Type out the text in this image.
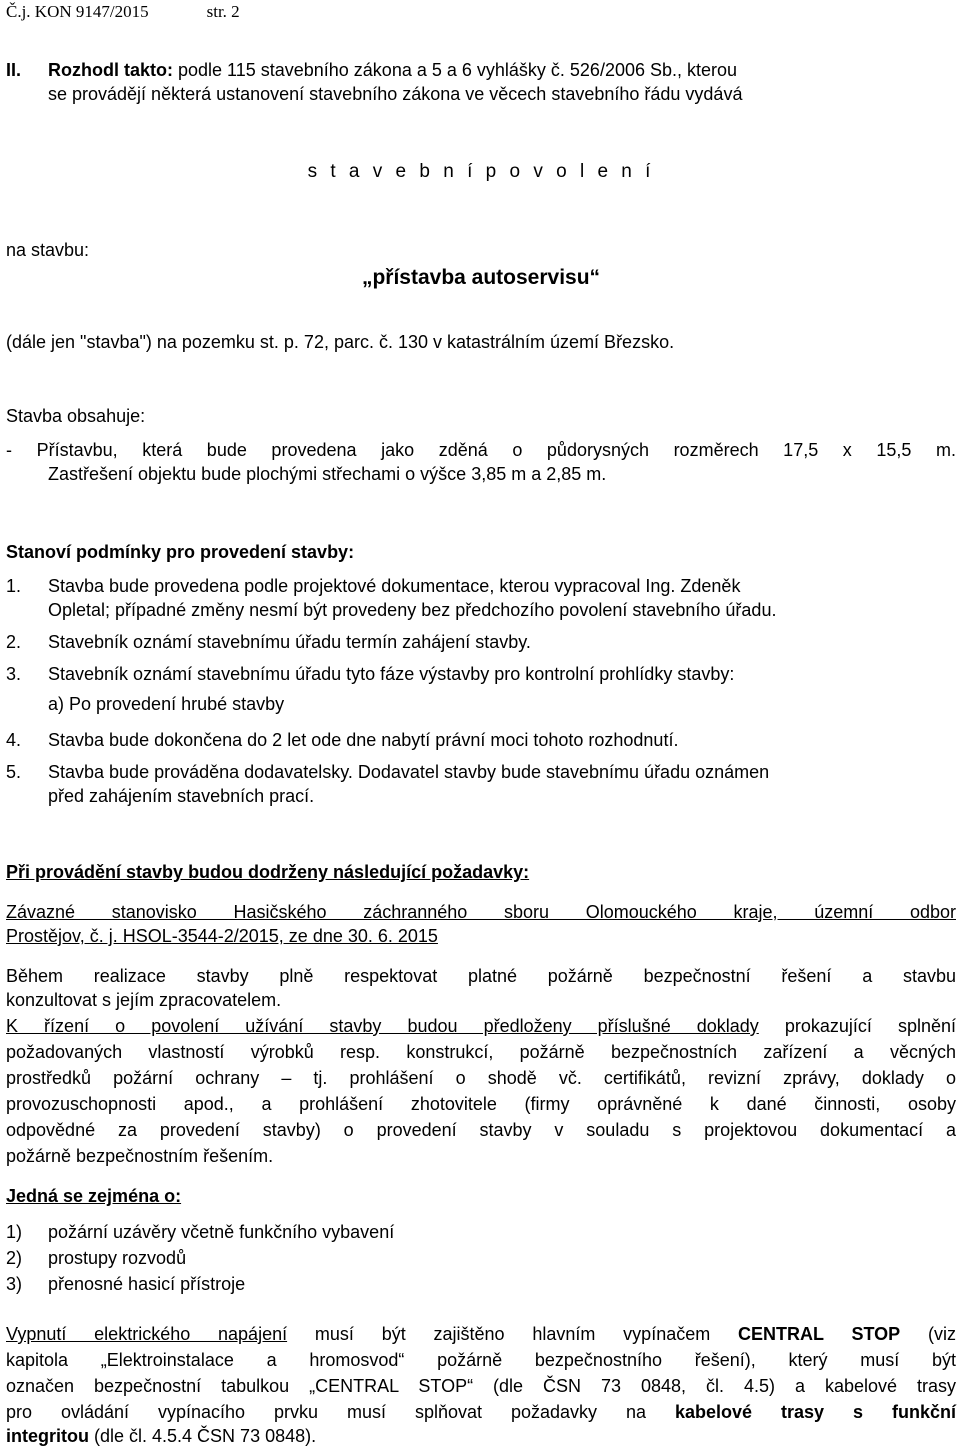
Č.j. KON 9147/2015	str. 2
II. Rozhodl takto: podle 115 stavebního zákona a 5 a 6 vyhlášky č. 526/2006 Sb., kterou
se provádějí některá ustanovení stavebního zákona ve věcech stavebního řádu vydává
s t a v e b n í p o v o l e n í
na stavbu:
„přístavba autoservisu“
(dále jen "stavba") na pozemku st. p. 72, parc. č. 130 v katastrálním území Březsko.
Stavba obsahuje:
- Přístavbu, která bude provedena jako zděná o půdorysných rozměrech 17,5 x 15,5 m.
Zastřešení objektu bude plochými střechami o výšce 3,85 m a 2,85 m.
Stanoví podmínky pro provedení stavby:
1. Stavba bude provedena podle projektové dokumentace, kterou vypracoval Ing. Zdeněk
Opletal; případné změny nesmí být provedeny bez předchozího povolení stavebního úřadu.
2. Stavebník oznámí stavebnímu úřadu termín zahájení stavby.
3. Stavebník oznámí stavebnímu úřadu tyto fáze výstavby pro kontrolní prohlídky stavby:
a) Po provedení hrubé stavby
4. Stavba bude dokončena do 2 let ode dne nabytí právní moci tohoto rozhodnutí.
5. Stavba bude prováděna dodavatelsky. Dodavatel stavby bude stavebnímu úřadu oznámen
před zahájením stavebních prací.
Při provádění stavby budou dodrženy následující požadavky:
Závazné stanovisko Hasičského záchranného sboru Olomouckého kraje, územní odbor
Prostějov, č. j. HSOL-3544-2/2015, ze dne 30. 6. 2015
Během realizace stavby plně respektovat platné požárně bezpečnostní řešení a stavbu
konzultovat s jejím zpracovatelem.
K řízení o povolení užívání stavby budou předloženy příslušné doklady prokazující splnění
požadovaných vlastností výrobků resp. konstrukcí, požárně bezpečnostních zařízení a věcných
prostředků požární ochrany – tj. prohlášení o shodě vč. certifikátů, revizní zprávy, doklady o
provozuschopnosti apod., a prohlášení zhotovitele (firmy oprávněné k dané činnosti, osoby
odpovědné za provedení stavby) o provedení stavby v souladu s projektovou dokumentací a
požárně bezpečnostním řešením.
Jedná se zejména o:
1) požární uzávěry včetně funkčního vybavení
2) prostupy rozvodů
3) přenosné hasicí přístroje
Vypnutí elektrického napájení musí být zajištěno hlavním vypínačem CENTRAL STOP (viz
kapitola „Elektroinstalace a hromosvod“ požárně bezpečnostního řešení), který musí být
označen bezpečnostní tabulkou „CENTRAL STOP“ (dle ČSN 73 0848, čl. 4.5) a kabelové trasy
pro ovládání vypínacího prvku musí splňovat požadavky na kabelové trasy s funkční
integritou (dle čl. 4.5.4 ČSN 73 0848).
